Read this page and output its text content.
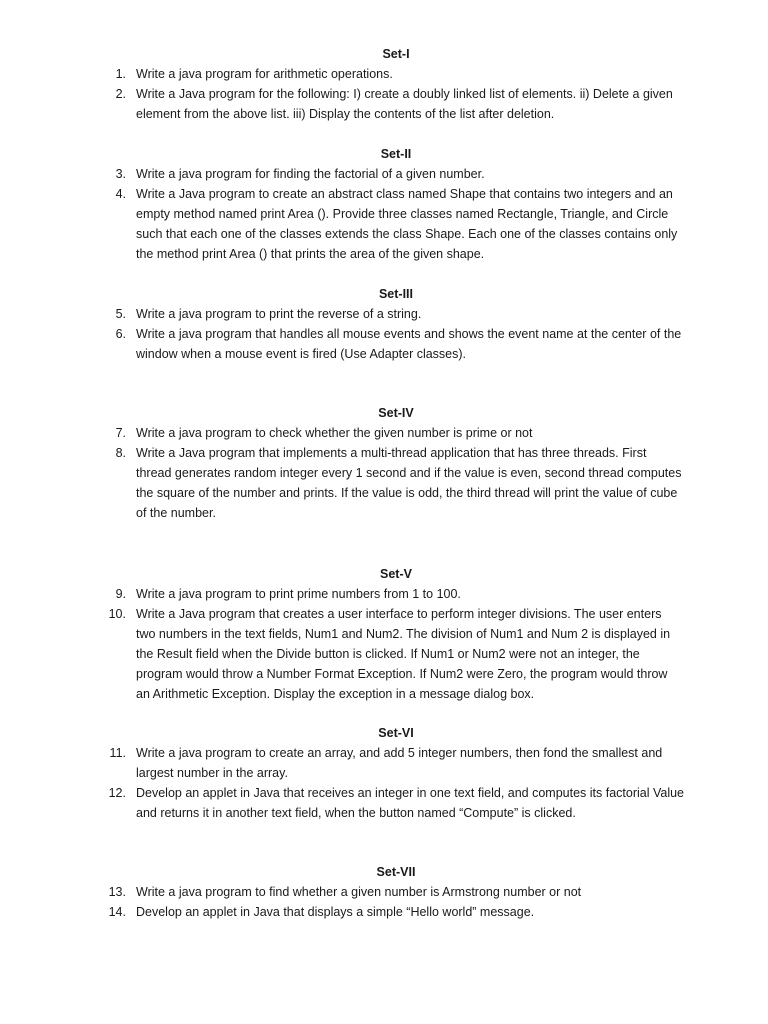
Set-I

1. Write a java program for arithmetic operations.
2. Write a Java program for the following: I) create a doubly linked list of elements. ii) Delete a given element from the above list. iii) Display the contents of the list after deletion.

Set-II

3. Write a java program for finding the factorial of a given number.
4. Write a Java program to create an abstract class named Shape that contains two integers and an empty method named print Area (). Provide three classes named Rectangle, Triangle, and Circle such that each one of the classes extends the class Shape. Each one of the classes contains only the method print Area () that prints the area of the given shape.

Set-III

5. Write a java program to print the reverse of a string.
6. Write a java program that handles all mouse events and shows the event name at the center of the window when a mouse event is fired (Use Adapter classes).

Set-IV

7. Write a java program to check whether the given number is prime or not
8. Write a Java program that implements a multi-thread application that has three threads. First thread generates random integer every 1 second and if the value is even, second thread computes the square of the number and prints. If the value is odd, the third thread will print the value of cube of the number.

Set-V

9. Write a java program to print prime numbers from 1 to 100.
10. Write a Java program that creates a user interface to perform integer divisions. The user enters two numbers in the text fields, Num1 and Num2. The division of Num1 and Num 2 is displayed in the Result field when the Divide button is clicked. If Num1 or Num2 were not an integer, the program would throw a Number Format Exception. If Num2 were Zero, the program would throw an Arithmetic Exception. Display the exception in a message dialog box.

Set-VI

11. Write a java program to create an array, and add 5 integer numbers, then fond the smallest and largest number in the array.
12. Develop an applet in Java that receives an integer in one text field, and computes its factorial Value and returns it in another text field, when the button named “Compute” is clicked.

Set-VII

13. Write a java program to find whether a given number is Armstrong number or not
14. Develop an applet in Java that displays a simple “Hello world” message.
